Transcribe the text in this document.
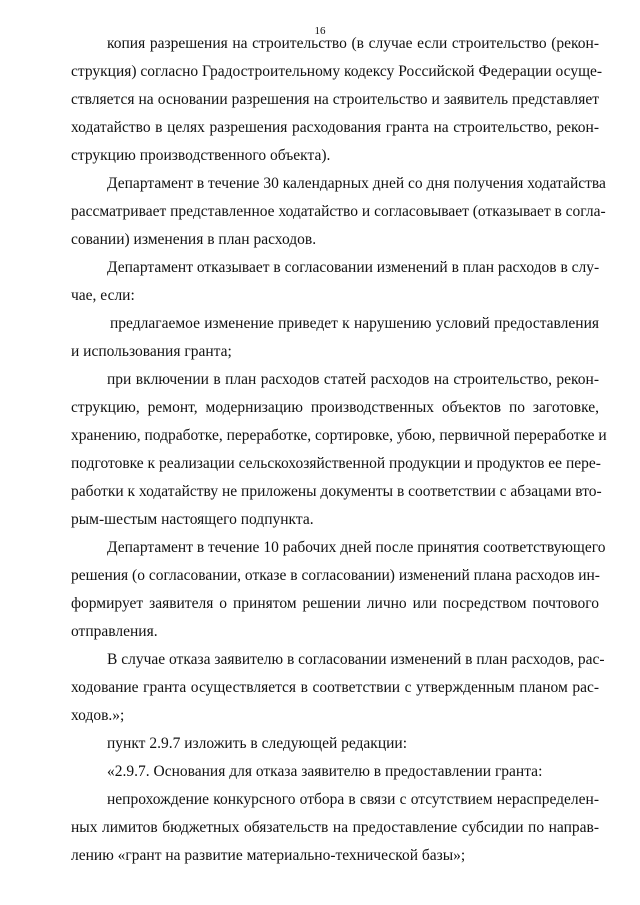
16
копия разрешения на строительство (в случае если строительство (рекон-
струкция) согласно Градостроительному кодексу Российской Федерации осуще-
ствляется на основании разрешения на строительство и заявитель представляет
ходатайство в целях разрешения расходования гранта на строительство, рекон-
струкцию производственного объекта).
Департамент в течение 30 календарных дней со дня получения ходатайства
рассматривает представленное ходатайство и согласовывает (отказывает в согла-
совании) изменения в план расходов.
Департамент отказывает в согласовании изменений в план расходов в слу-
чае, если:
предлагаемое изменение приведет к нарушению условий предоставления
и использования гранта;
при включении в план расходов статей расходов на строительство, рекон-
струкцию, ремонт, модернизацию производственных объектов по заготовке,
хранению, подработке, переработке, сортировке, убою, первичной переработке и
подготовке к реализации сельскохозяйственной продукции и продуктов ее пере-
работки к ходатайству не приложены документы в соответствии с абзацами вто-
рым-шестым настоящего подпункта.
Департамент в течение 10 рабочих дней после принятия соответствующего
решения (о согласовании, отказе в согласовании) изменений плана расходов ин-
формирует заявителя о принятом решении лично или посредством почтового
отправления.
В случае отказа заявителю в согласовании изменений в план расходов, рас-
ходование гранта осуществляется в соответствии с утвержденным планом рас-
ходов.»;
пункт 2.9.7 изложить в следующей редакции:
«2.9.7. Основания для отказа заявителю в предоставлении гранта:
непрохождение конкурсного отбора в связи с отсутствием нераспределен-
ных лимитов бюджетных обязательств на предоставление субсидии по направ-
лению «грант на развитие материально-технической базы»;
